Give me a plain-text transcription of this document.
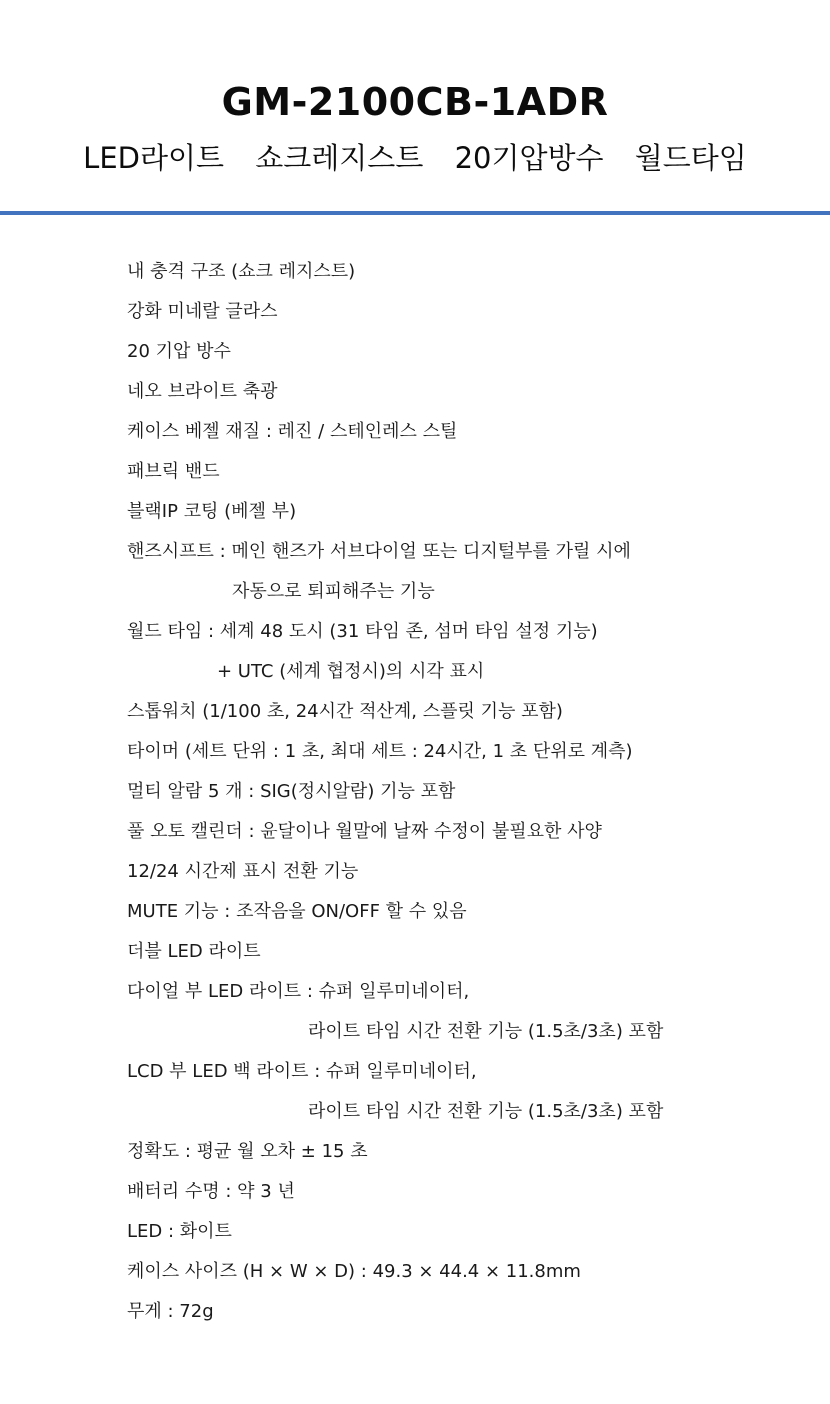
GM-2100CB-1ADR
LED라이트 쇼크레지스트 20기압방수 월드타임
내 충격 구조 (쇼크 레지스트)
강화 미네랄 글라스
20 기압 방수
네오 브라이트 축광
케이스 베젤 재질 : 레진 / 스테인레스 스틸
패브릭 밴드
블랙IP 코팅 (베젤 부)
핸즈시프트 : 메인 핸즈가 서브다이얼 또는 디지털부를 가릴 시에
자동으로 퇴피해주는 기능
월드 타임 : 세계 48 도시 (31 타임 존, 섬머 타임 설정 기능)
+ UTC (세계 협정시)의 시각 표시
스톱워치 (1/100 초, 24시간 적산계, 스플릿 기능 포함)
타이머 (세트 단위 : 1 초, 최대 세트 : 24시간, 1 초 단위로 계측)
멀티 알람 5 개 : SIG(정시알람) 기능 포함
풀 오토 캘린더 : 윤달이나 월말에 날짜 수정이 불필요한 사양
12/24 시간제 표시 전환 기능
MUTE 기능 : 조작음을 ON/OFF 할 수 있음
더블 LED 라이트
다이얼 부 LED 라이트 : 슈퍼 일루미네이터,
라이트 타임 시간 전환 기능 (1.5초/3초) 포함
LCD 부 LED 백 라이트 : 슈퍼 일루미네이터,
라이트 타임 시간 전환 기능 (1.5초/3초) 포함
정확도 : 평균 월 오차 ± 15 초
배터리 수명 : 약 3 년
LED : 화이트
케이스 사이즈 (H × W × D) : 49.3 × 44.4 × 11.8mm
무게 : 72g
